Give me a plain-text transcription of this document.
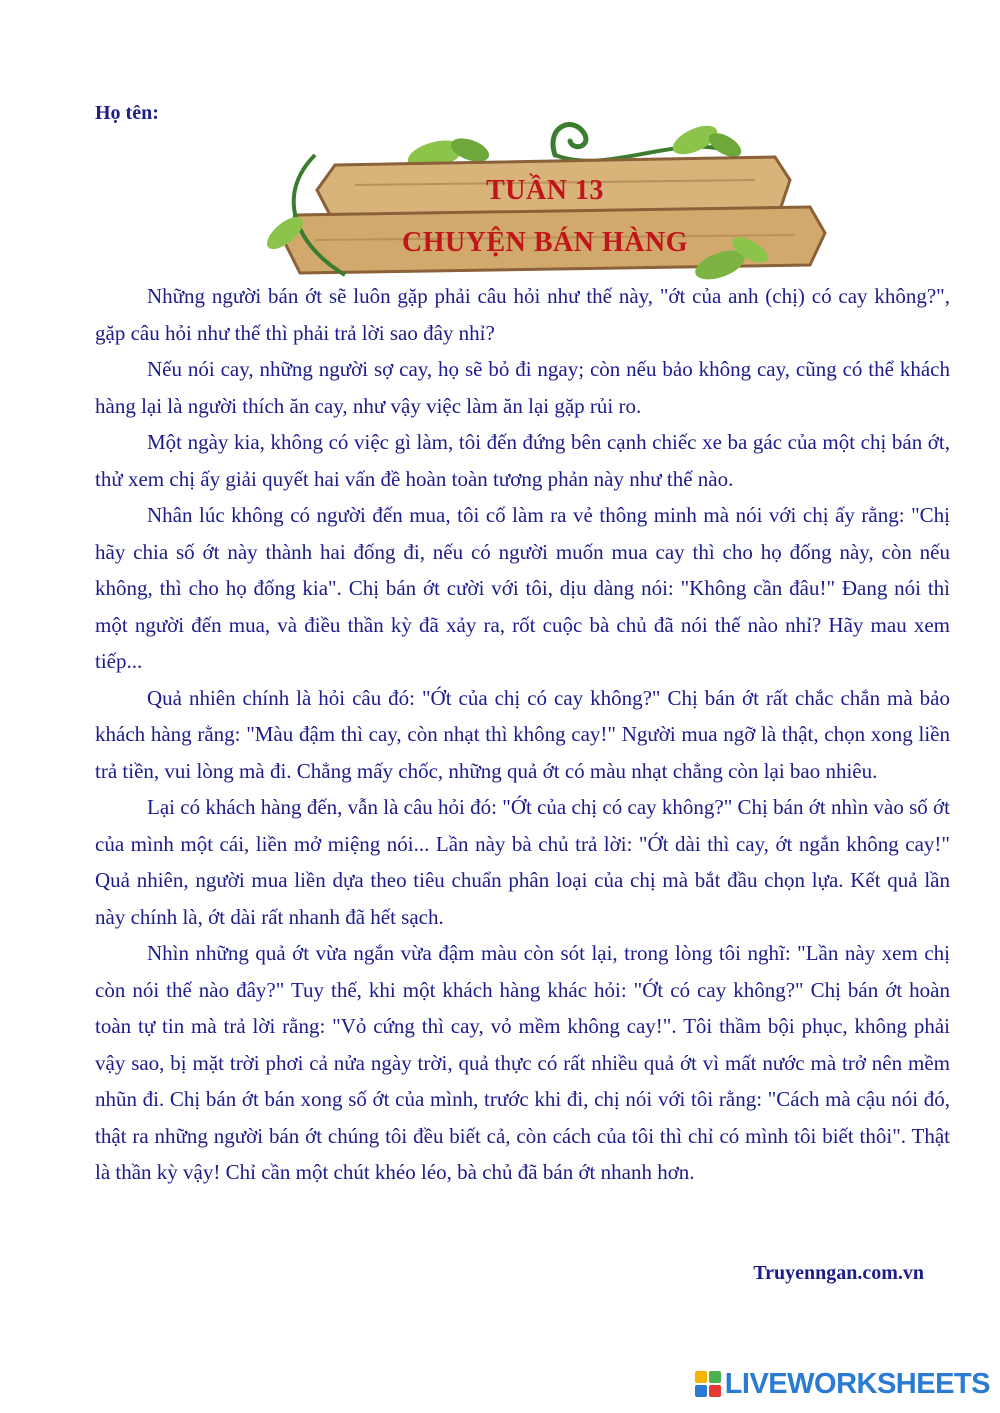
Họ tên:
TUẦN 13
CHUYỆN BÁN HÀNG

Những người bán ớt sẽ luôn gặp phải câu hỏi như thế này, "ớt của anh (chị) có cay không?", gặp câu hỏi như thế thì phải trả lời sao đây nhỉ?

Nếu nói cay, những người sợ cay, họ sẽ bỏ đi ngay; còn nếu bảo không cay, cũng có thể khách hàng lại là người thích ăn cay, như vậy việc làm ăn lại gặp rủi ro.

Một ngày kia, không có việc gì làm, tôi đến đứng bên cạnh chiếc xe ba gác của một chị bán ớt, thử xem chị ấy giải quyết hai vấn đề hoàn toàn tương phản này như thế nào.

Nhân lúc không có người đến mua, tôi cố làm ra vẻ thông minh mà nói với chị ấy rằng: "Chị hãy chia số ớt này thành hai đống đi, nếu có người muốn mua cay thì cho họ đống này, còn nếu không, thì cho họ đống kia". Chị bán ớt cười với tôi, dịu dàng nói: "Không cần đâu!" Đang nói thì một người đến mua, và điều thần kỳ đã xảy ra, rốt cuộc bà chủ đã nói thế nào nhỉ? Hãy mau xem tiếp...

Quả nhiên chính là hỏi câu đó: "Ớt của chị có cay không?" Chị bán ớt rất chắc chắn mà bảo khách hàng rằng: "Màu đậm thì cay, còn nhạt thì không cay!" Người mua ngỡ là thật, chọn xong liền trả tiền, vui lòng mà đi. Chẳng mấy chốc, những quả ớt có màu nhạt chẳng còn lại bao nhiêu.

Lại có khách hàng đến, vẫn là câu hỏi đó: "Ớt của chị có cay không?" Chị bán ớt nhìn vào số ớt của mình một cái, liền mở miệng nói... Lần này bà chủ trả lời: "Ớt dài thì cay, ớt ngắn không cay!" Quả nhiên, người mua liền dựa theo tiêu chuẩn phân loại của chị mà bắt đầu chọn lựa. Kết quả lần này chính là, ớt dài rất nhanh đã hết sạch.

Nhìn những quả ớt vừa ngắn vừa đậm màu còn sót lại, trong lòng tôi nghĩ: "Lần này xem chị còn nói thế nào đây?" Tuy thế, khi một khách hàng khác hỏi: "Ớt có cay không?" Chị bán ớt hoàn toàn tự tin mà trả lời rằng: "Vỏ cứng thì cay, vỏ mềm không cay!". Tôi thầm bội phục, không phải vậy sao, bị mặt trời phơi cả nửa ngày trời, quả thực có rất nhiều quả ớt vì mất nước mà trở nên mềm nhũn đi. Chị bán ớt bán xong số ớt của mình, trước khi đi, chị nói với tôi rằng: "Cách mà cậu nói đó, thật ra những người bán ớt chúng tôi đều biết cả, còn cách của tôi thì chỉ có mình tôi biết thôi". Thật là thần kỳ vậy! Chỉ cần một chút khéo léo, bà chủ đã bán ớt nhanh hơn.

Truyenngan.com.vn
LIVEWORKSHEETS
